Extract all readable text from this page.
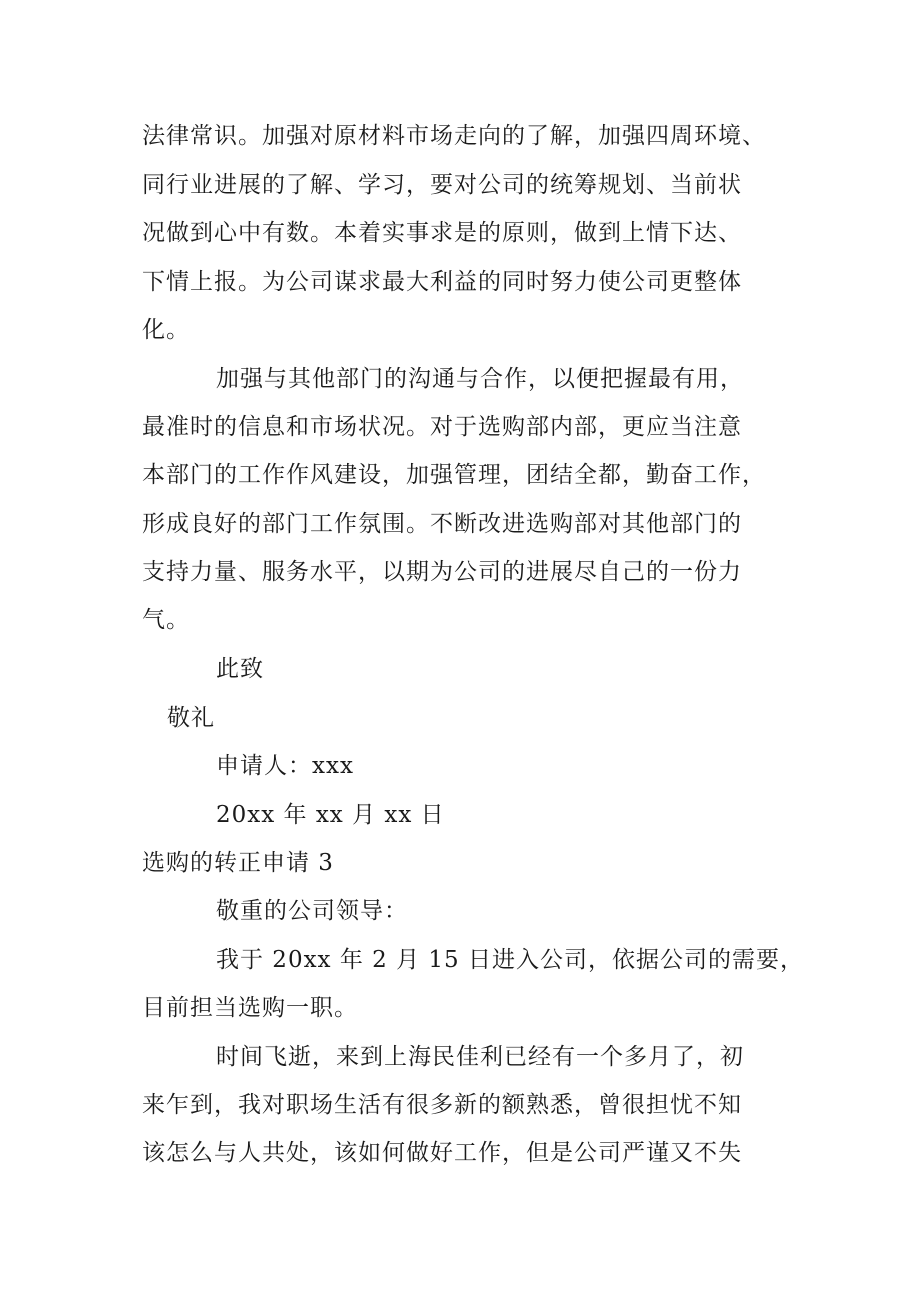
法律常识。加强对原材料市场走向的了解，加强四周环境、
同行业进展的了解、学习，要对公司的统筹规划、当前状
况做到心中有数。本着实事求是的原则，做到上情下达、
下情上报。为公司谋求最大利益的同时努力使公司更整体
化。
加强与其他部门的沟通与合作，以便把握最有用，
最准时的信息和市场状况。对于选购部内部，更应当注意
本部门的工作作风建设，加强管理，团结全都，勤奋工作，
形成良好的部门工作氛围。不断改进选购部对其他部门的
支持力量、服务水平，以期为公司的进展尽自己的一份力
气。
此致
敬礼
申请人：xxx
20xx 年 xx 月 xx 日
选购的转正申请 3
敬重的公司领导：
我于 20xx 年 2 月 15 日进入公司，依据公司的需要，
目前担当选购一职。
时间飞逝，来到上海民佳利已经有一个多月了，初
来乍到，我对职场生活有很多新的额熟悉，曾很担忧不知
该怎么与人共处，该如何做好工作，但是公司严谨又不失
